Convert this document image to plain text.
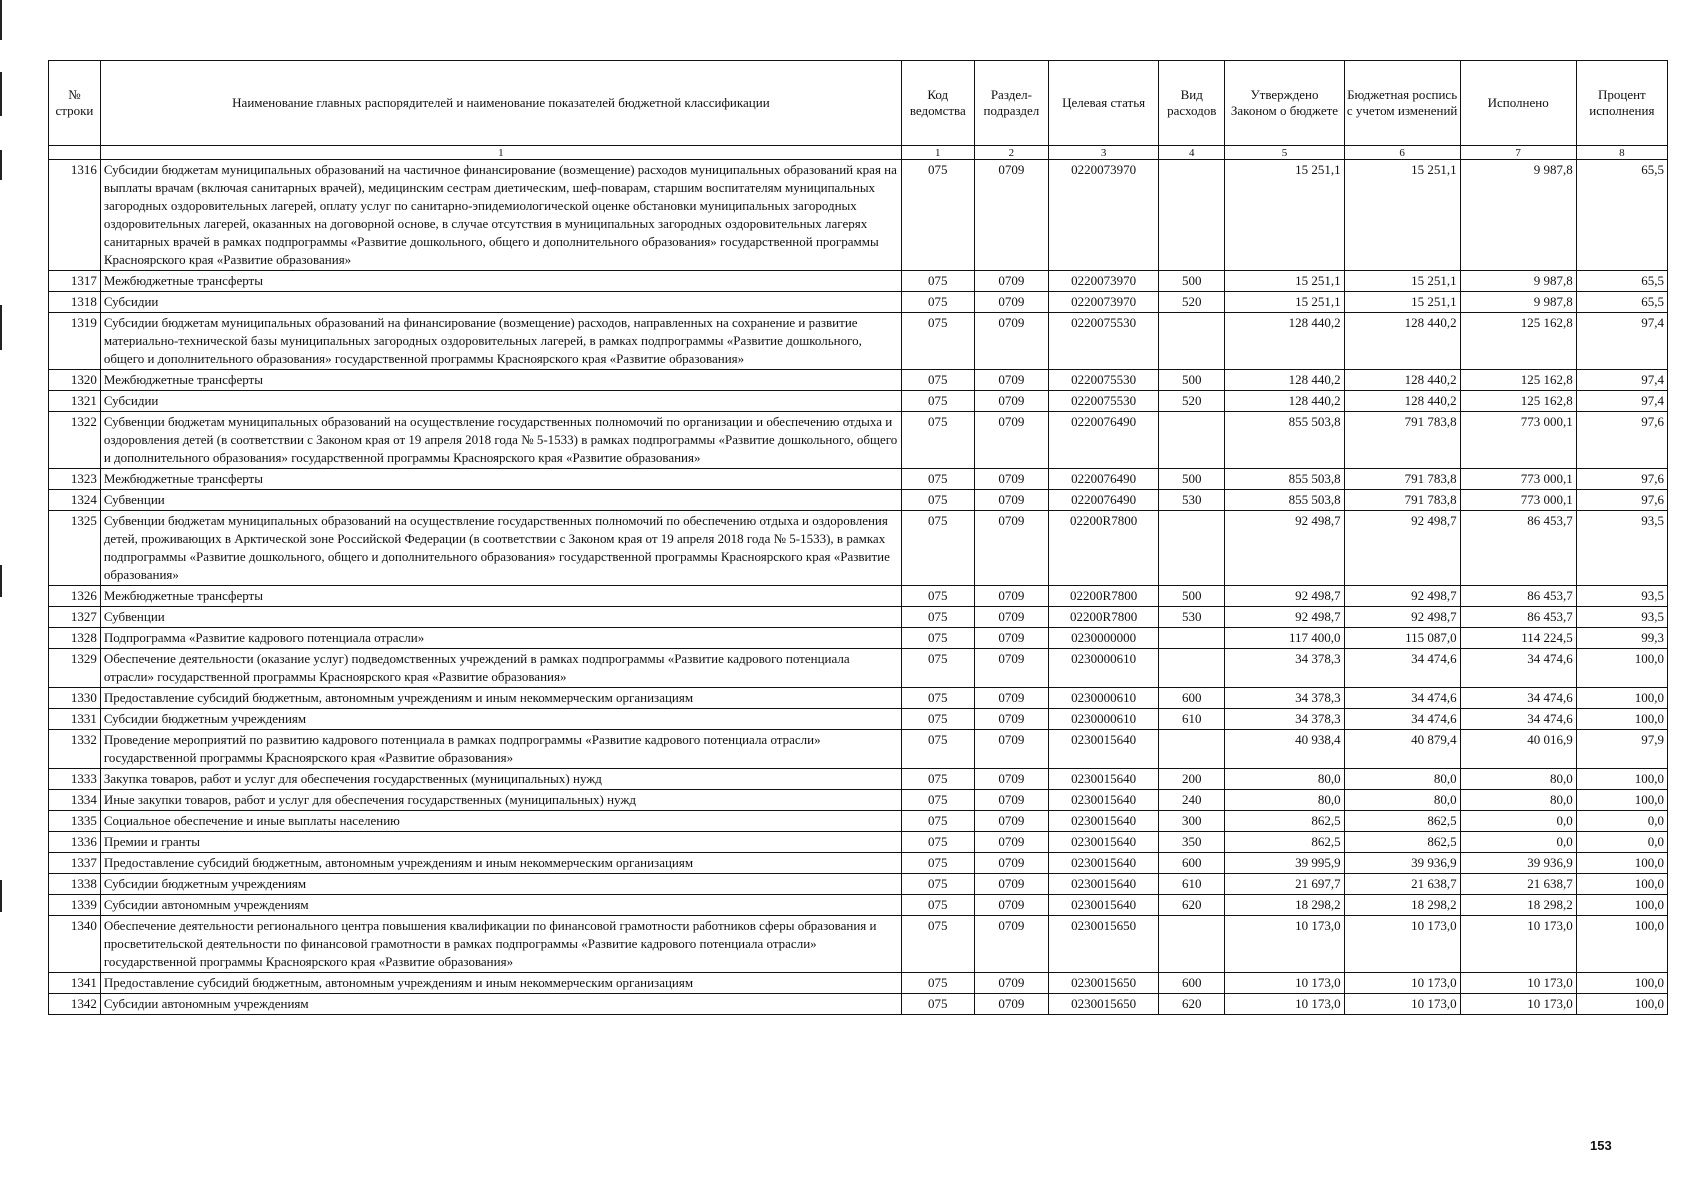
№ строки	Наименование главных распорядителей и наименование показателей бюджетной классификации	Код ведомства	Раздел-подраздел	Целевая статья	Вид расходов	Утверждено Законом о бюджете	Бюджетная роспись с учетом изменений	Исполнено	Процент исполнения
	1	1	2	3	4	5	6	7	8
1316	Субсидии бюджетам муниципальных образований на частичное финансирование (возмещение) расходов муниципальных образований края на выплаты врачам (включая санитарных врачей), медицинским сестрам диетическим, шеф-поварам, старшим воспитателям муниципальных загородных оздоровительных лагерей, оплату услуг по санитарно-эпидемиологической оценке обстановки муниципальных загородных оздоровительных лагерей, оказанных на договорной основе, в случае отсутствия в муниципальных загородных оздоровительных лагерях санитарных врачей в рамках подпрограммы «Развитие дошкольного, общего и дополнительного образования» государственной программы Красноярского края «Развитие образования»	075	0709	0220073970		15 251,1	15 251,1	9 987,8	65,5
1317	Межбюджетные трансферты	075	0709	0220073970	500	15 251,1	15 251,1	9 987,8	65,5
1318	Субсидии	075	0709	0220073970	520	15 251,1	15 251,1	9 987,8	65,5
1319	Субсидии бюджетам муниципальных образований на финансирование (возмещение) расходов, направленных на сохранение и развитие материально-технической базы муниципальных загородных оздоровительных лагерей, в рамках подпрограммы «Развитие дошкольного, общего и дополнительного образования» государственной программы Красноярского края «Развитие образования»	075	0709	0220075530		128 440,2	128 440,2	125 162,8	97,4
1320	Межбюджетные трансферты	075	0709	0220075530	500	128 440,2	128 440,2	125 162,8	97,4
1321	Субсидии	075	0709	0220075530	520	128 440,2	128 440,2	125 162,8	97,4
1322	Субвенции бюджетам муниципальных образований на осуществление государственных полномочий по организации и обеспечению отдыха и оздоровления детей (в соответствии с Законом края от 19 апреля 2018 года № 5-1533) в рамках подпрограммы «Развитие дошкольного, общего и дополнительного образования» государственной программы Красноярского края «Развитие образования»	075	0709	0220076490		855 503,8	791 783,8	773 000,1	97,6
1323	Межбюджетные трансферты	075	0709	0220076490	500	855 503,8	791 783,8	773 000,1	97,6
1324	Субвенции	075	0709	0220076490	530	855 503,8	791 783,8	773 000,1	97,6
1325	Субвенции бюджетам муниципальных образований на осуществление государственных полномочий по обеспечению отдыха и оздоровления детей, проживающих в Арктической зоне Российской Федерации (в соответствии с Законом края от 19 апреля 2018 года № 5-1533), в рамках подпрограммы «Развитие дошкольного, общего и дополнительного образования» государственной программы Красноярского края «Развитие образования»	075	0709	02200R7800		92 498,7	92 498,7	86 453,7	93,5
1326	Межбюджетные трансферты	075	0709	02200R7800	500	92 498,7	92 498,7	86 453,7	93,5
1327	Субвенции	075	0709	02200R7800	530	92 498,7	92 498,7	86 453,7	93,5
1328	Подпрограмма «Развитие кадрового потенциала отрасли»	075	0709	0230000000		117 400,0	115 087,0	114 224,5	99,3
1329	Обеспечение деятельности (оказание услуг) подведомственных учреждений в рамках подпрограммы «Развитие кадрового потенциала отрасли» государственной программы Красноярского края «Развитие образования»	075	0709	0230000610		34 378,3	34 474,6	34 474,6	100,0
1330	Предоставление субсидий бюджетным, автономным учреждениям и иным некоммерческим организациям	075	0709	0230000610	600	34 378,3	34 474,6	34 474,6	100,0
1331	Субсидии бюджетным учреждениям	075	0709	0230000610	610	34 378,3	34 474,6	34 474,6	100,0
1332	Проведение мероприятий по развитию кадрового потенциала в рамках подпрограммы «Развитие кадрового потенциала отрасли» государственной программы Красноярского края «Развитие образования»	075	0709	0230015640		40 938,4	40 879,4	40 016,9	97,9
1333	Закупка товаров, работ и услуг для обеспечения государственных (муниципальных) нужд	075	0709	0230015640	200	80,0	80,0	80,0	100,0
1334	Иные закупки товаров, работ и услуг для обеспечения государственных (муниципальных) нужд	075	0709	0230015640	240	80,0	80,0	80,0	100,0
1335	Социальное обеспечение и иные выплаты населению	075	0709	0230015640	300	862,5	862,5	0,0	0,0
1336	Премии и гранты	075	0709	0230015640	350	862,5	862,5	0,0	0,0
1337	Предоставление субсидий бюджетным, автономным учреждениям и иным некоммерческим организациям	075	0709	0230015640	600	39 995,9	39 936,9	39 936,9	100,0
1338	Субсидии бюджетным учреждениям	075	0709	0230015640	610	21 697,7	21 638,7	21 638,7	100,0
1339	Субсидии автономным учреждениям	075	0709	0230015640	620	18 298,2	18 298,2	18 298,2	100,0
1340	Обеспечение деятельности регионального центра повышения квалификации по финансовой грамотности работников сферы образования и просветительской деятельности по финансовой грамотности в рамках подпрограммы «Развитие кадрового потенциала отрасли» государственной программы Красноярского края «Развитие образования»	075	0709	0230015650		10 173,0	10 173,0	10 173,0	100,0
1341	Предоставление субсидий бюджетным, автономным учреждениям и иным некоммерческим организациям	075	0709	0230015650	600	10 173,0	10 173,0	10 173,0	100,0
1342	Субсидии автономным учреждениям	075	0709	0230015650	620	10 173,0	10 173,0	10 173,0	100,0
153
